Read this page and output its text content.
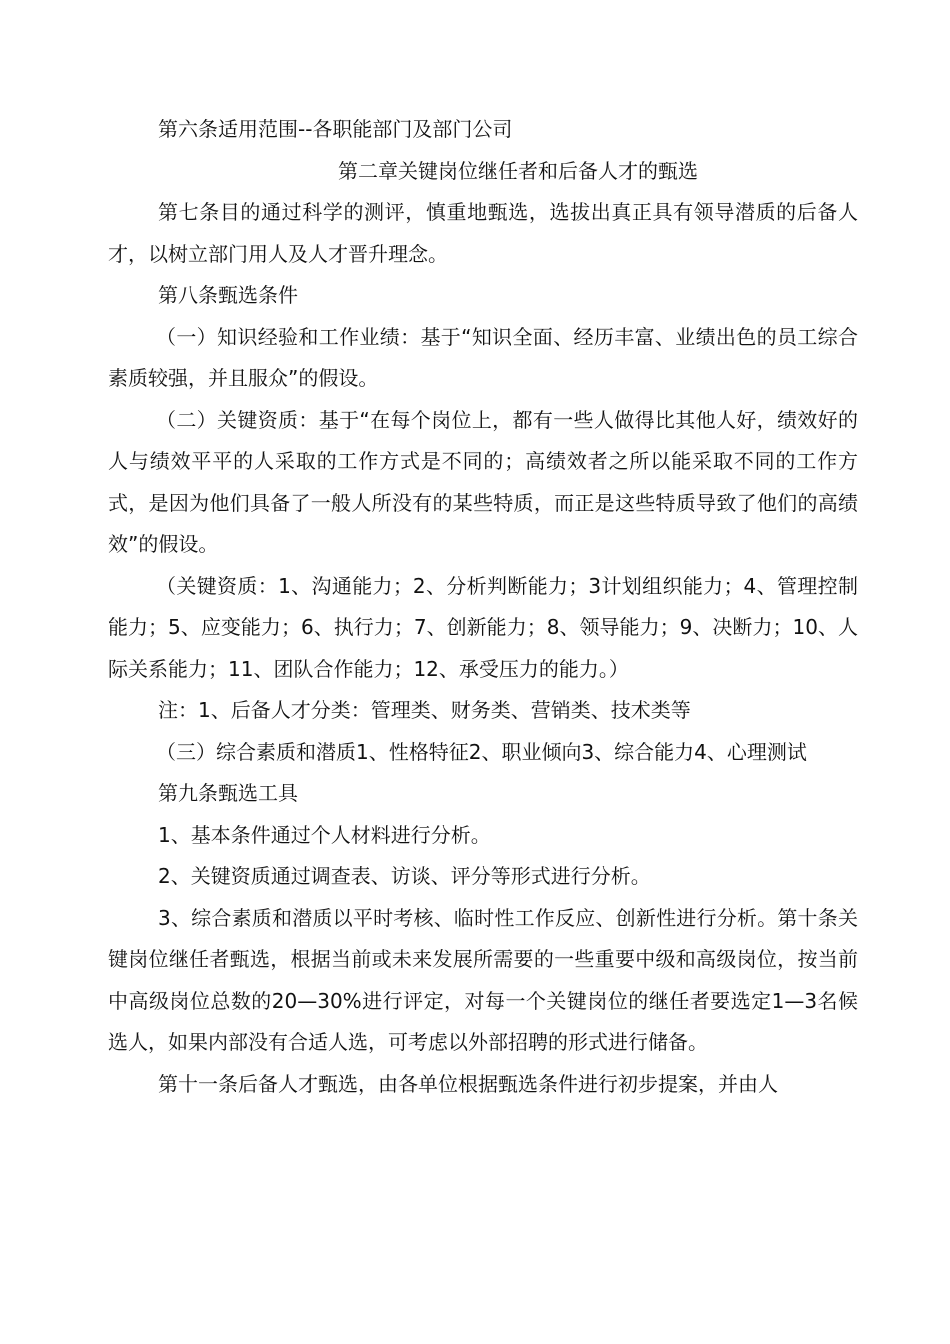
第六条适用范围--各职能部门及部门公司

第二章关键岗位继任者和后备人才的甄选

第七条目的通过科学的测评，慎重地甄选，选拔出真正具有领导潜质的后备人才，以树立部门用人及人才晋升理念。

第八条甄选条件

（一）知识经验和工作业绩：基于“知识全面、经历丰富、业绩出色的员工综合素质较强，并且服众”的假设。

（二）关键资质：基于“在每个岗位上，都有一些人做得比其他人好，绩效好的人与绩效平平的人采取的工作方式是不同的；高绩效者之所以能采取不同的工作方式，是因为他们具备了一般人所没有的某些特质，而正是这些特质导致了他们的高绩效”的假设。

（关键资质：1、沟通能力；2、分析判断能力；3计划组织能力；4、管理控制能力；5、应变能力；6、执行力；7、创新能力；8、领导能力；9、决断力；10、人际关系能力；11、团队合作能力；12、承受压力的能力。）

注：1、后备人才分类：管理类、财务类、营销类、技术类等

（三）综合素质和潜质1、性格特征2、职业倾向3、综合能力4、心理测试

第九条甄选工具

1、基本条件通过个人材料进行分析。

2、关键资质通过调查表、访谈、评分等形式进行分析。

3、综合素质和潜质以平时考核、临时性工作反应、创新性进行分析。第十条关键岗位继任者甄选，根据当前或未来发展所需要的一些重要中级和高级岗位，按当前中高级岗位总数的20—30%进行评定，对每一个关键岗位的继任者要选定1—3名候选人，如果内部没有合适人选，可考虑以外部招聘的形式进行储备。

第十一条后备人才甄选，由各单位根据甄选条件进行初步提案，并由人
